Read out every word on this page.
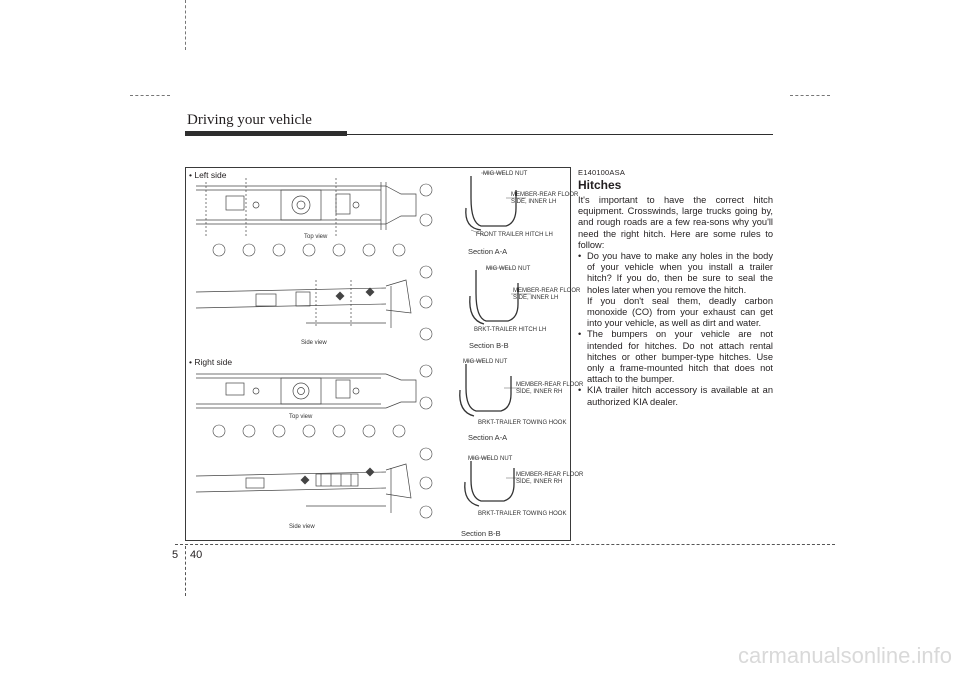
Driving your vehicle
Top view
Side view
MIG WELD NUT
MEMBER-REAR FLOOR
SIDE, INNER LH
FRONT TRAILER HITCH LH
Section A-A
MIG WELD NUT
MEMBER-REAR FLOOR
SIDE, INNER LH
BRKT-TRAILER HITCH LH
Section B-B
Top view
Side view
MIG WELD NUT
MEMBER-REAR FLOOR
SIDE, INNER RH
BRKT-TRAILER TOWING HOOK
Section A-A
MIG WELD NUT
MEMBER-REAR FLOOR
SIDE, INNER RH
BRKT-TRAILER TOWING HOOK
Section B-B
• Left side
• Right side
E140100ASA
Hitches

It's important to have the correct hitch equipment. Crosswinds, large trucks going by, and rough roads are a few rea-sons why you'll need the right hitch. Here are some rules to follow:

• Do you have to make any holes in the body of your vehicle when you install a trailer hitch? If you do, then be sure to seal the holes later when you remove the hitch.

If you don't seal them, deadly carbon monoxide (CO) from your exhaust can get into your vehicle, as well as dirt and water.

• The bumpers on your vehicle are not intended for hitches. Do not attach rental hitches or other bumper-type hitches. Use only a frame-mounted hitch that does not attach to the bumper.

• KIA trailer hitch accessory is available at an authorized KIA dealer.

5 40
carmanualsonline.info
